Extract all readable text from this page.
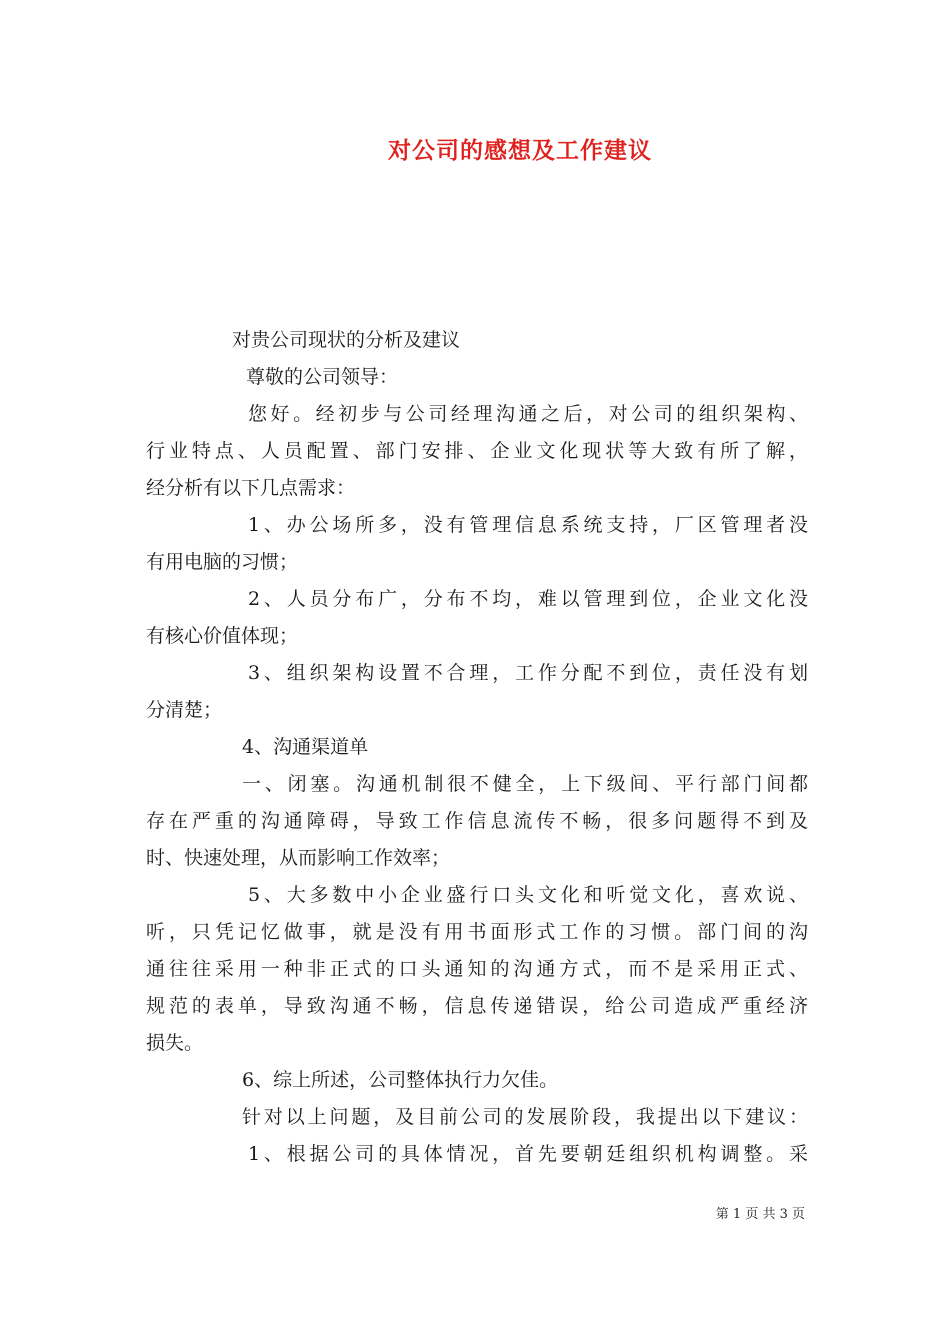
对公司的感想及工作建议
对贵公司现状的分析及建议
尊敬的公司领导：
您好。经初步与公司经理沟通之后，对公司的组织架构、
行业特点、人员配置、部门安排、企业文化现状等大致有所了解，
经分析有以下几点需求：
1、办公场所多，没有管理信息系统支持，厂区管理者没
有用电脑的习惯；
2、人员分布广，分布不均，难以管理到位，企业文化没
有核心价值体现；
3、组织架构设置不合理，工作分配不到位，责任没有划
分清楚；
4、沟通渠道单
一、闭塞。沟通机制很不健全，上下级间、平行部门间都
存在严重的沟通障碍，导致工作信息流传不畅，很多问题得不到及
时、快速处理，从而影响工作效率；
5、大多数中小企业盛行口头文化和听觉文化，喜欢说、
听，只凭记忆做事，就是没有用书面形式工作的习惯。部门间的沟
通往往采用一种非正式的口头通知的沟通方式，而不是采用正式、
规范的表单，导致沟通不畅，信息传递错误，给公司造成严重经济
损失。
6、综上所述，公司整体执行力欠佳。
针对以上问题，及目前公司的发展阶段，我提出以下建议：
1、根据公司的具体情况，首先要朝廷组织机构调整。采
第 1 页 共 3 页
